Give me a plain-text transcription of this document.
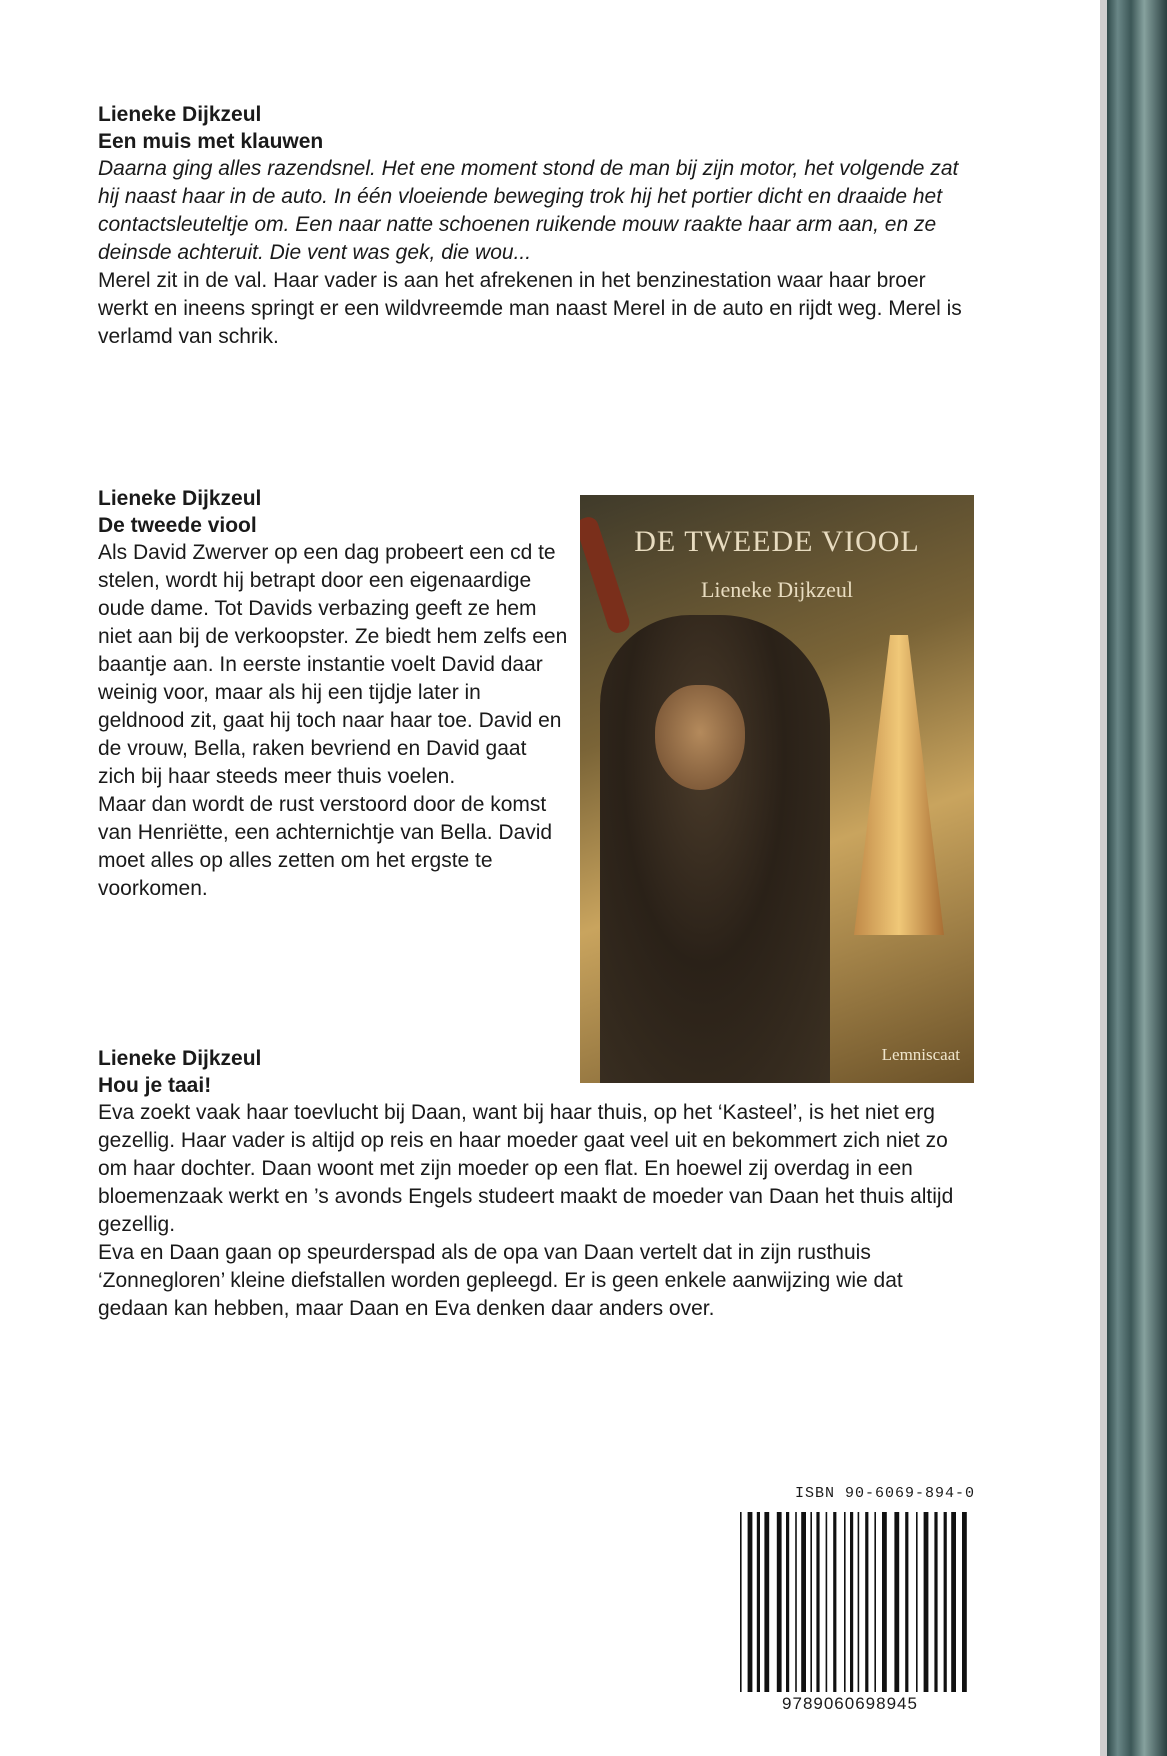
Lieneke Dijkzeul

Een muis met klauwen

Daarna ging alles razendsnel. Het ene moment stond de man bij zijn motor, het volgende zat hij naast haar in de auto. In één vloeiende beweging trok hij het portier dicht en draaide het contactsleuteltje om. Een naar natte schoenen ruikende mouw raakte haar arm aan, en ze deinsde achteruit. Die vent was gek, die wou...

Merel zit in de val. Haar vader is aan het afrekenen in het benzinestation waar haar broer werkt en ineens springt er een wildvreemde man naast Merel in de auto en rijdt weg. Merel is verlamd van schrik.

Lieneke Dijkzeul

De tweede viool

Als David Zwerver op een dag probeert een cd te stelen, wordt hij betrapt door een eigenaardige oude dame. Tot Davids verbazing geeft ze hem niet aan bij de verkoopster. Ze biedt hem zelfs een baantje aan. In eerste instantie voelt David daar weinig voor, maar als hij een tijdje later in geldnood zit, gaat hij toch naar haar toe. David en de vrouw, Bella, raken bevriend en David gaat zich bij haar steeds meer thuis voelen.

Maar dan wordt de rust verstoord door de komst van Henriëtte, een achternichtje van Bella. David moet alles op alles zetten om het ergste te voorkomen.

DE TWEEDE VIOOL
Lieneke Dijkzeul
Lemniscaat

Lieneke Dijkzeul

Hou je taai!

Eva zoekt vaak haar toevlucht bij Daan, want bij haar thuis, op het ‘Kasteel’, is het niet erg gezellig. Haar vader is altijd op reis en haar moeder gaat veel uit en bekommert zich niet zo om haar dochter. Daan woont met zijn moeder op een flat. En hoewel zij overdag in een bloemenzaak werkt en ’s avonds Engels studeert maakt de moeder van Daan het thuis altijd gezellig.

Eva en Daan gaan op speurderspad als de opa van Daan vertelt dat in zijn rusthuis ‘Zonnegloren’ kleine diefstallen worden gepleegd. Er is geen enkele aanwijzing wie dat gedaan kan hebben, maar Daan en Eva denken daar anders over.

ISBN 90-6069-894-0
9789060698945
